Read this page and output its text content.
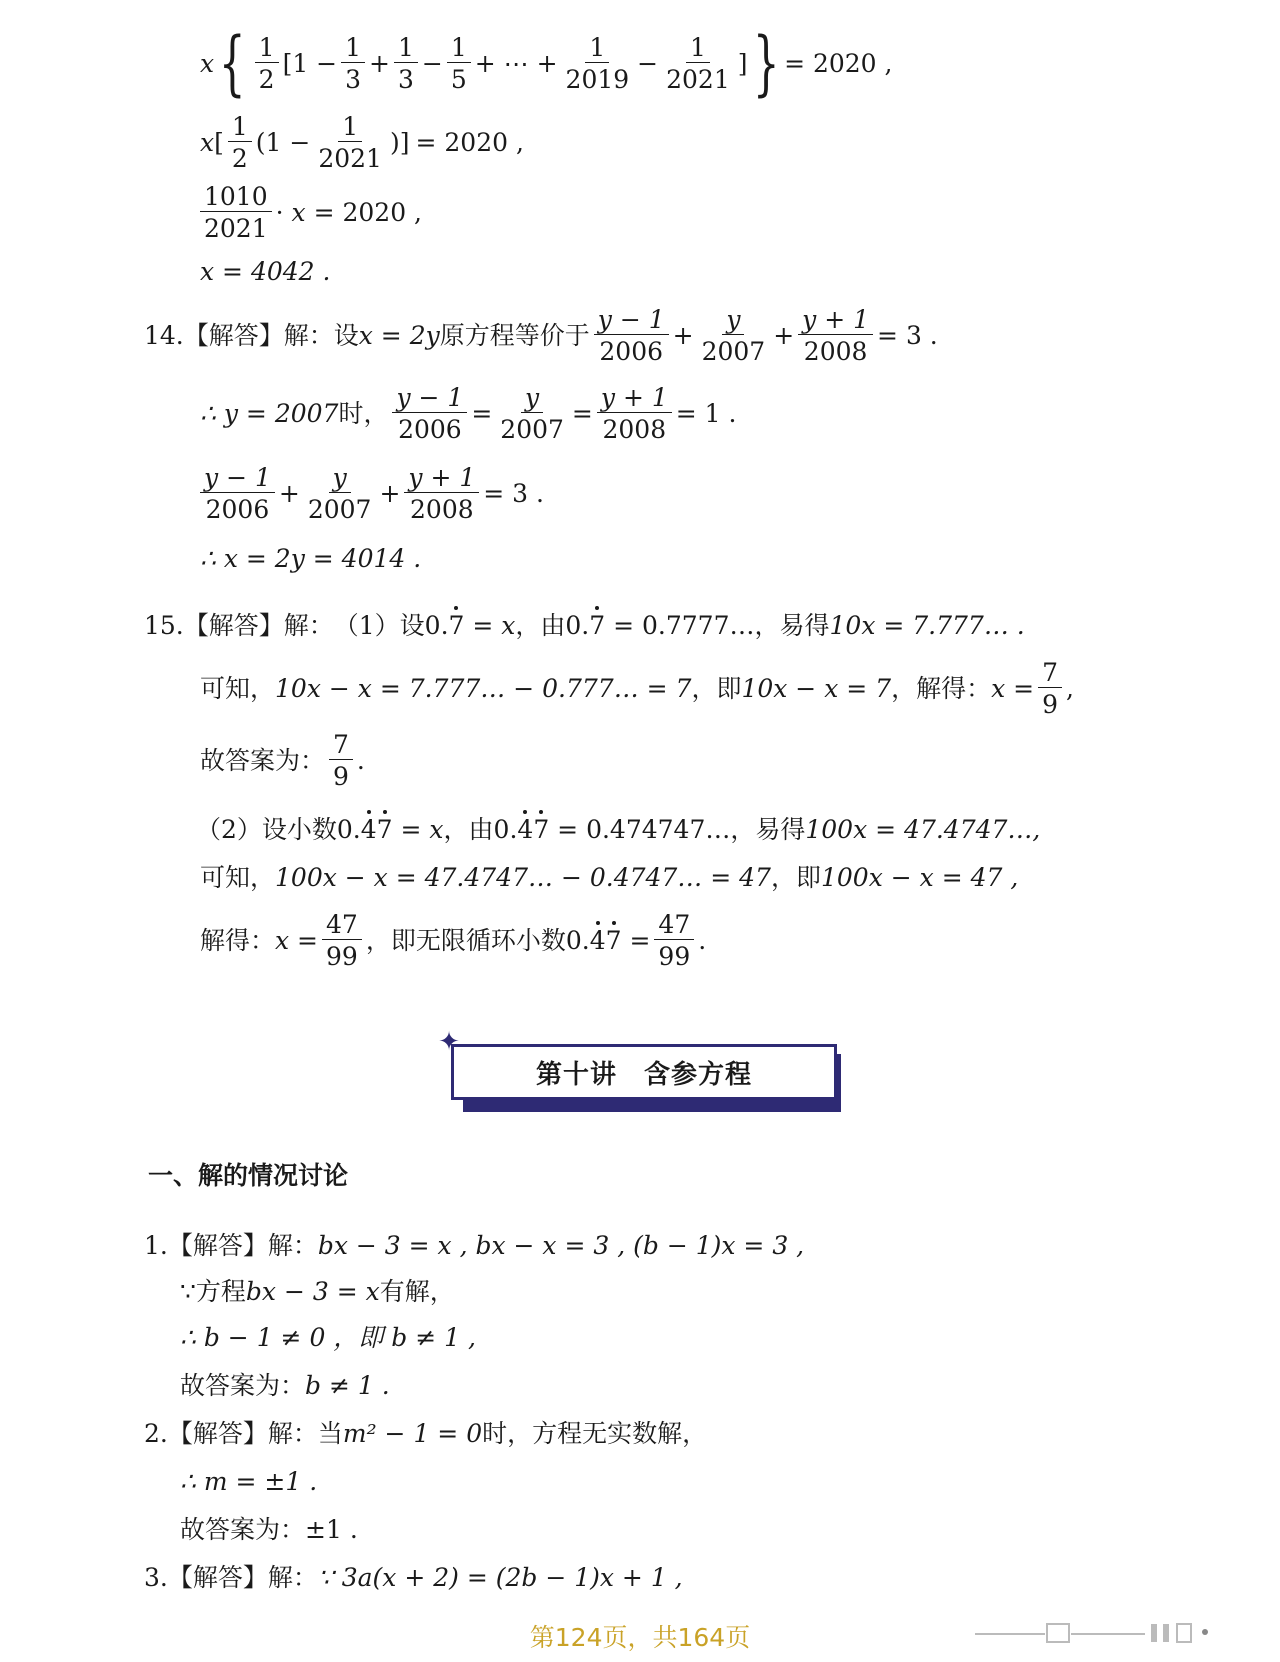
x { 1
2
[$1 - \frac{1}{3} + \frac{1}{3} - \frac{1}{5}$ + ⋯ + $\frac{1}{2019} - \frac{1}{2021}$ ] } = 2020 ,
x [
1
2
($1 - \frac{1}{2021}$ )] = 2020 ,
1010
2021
· x = 2020 ,
x = 4042 .
14.【解答】解：设 x = 2y 原方程等价于
y − 1
2006
+ $\frac{y}{2007} + \frac{y + 1}{2008} = 3$ .
∴ y = 2007 时， $\frac{y - 1}{2006} = \frac{y}{2007} = \frac{y + 1}{2008} = 1$ .
y − 1
2006
+ $\frac{y}{2007} + \frac{y + 1}{2008} = 3$ .
∴ x = 2y = 4014 .
15.【解答】解： （1）设 0.7 = x ，由 0.7 = 0.7777… ，易得 10x = 7.777… .
可知， 10x − x = 7.777… − 0.777… = 7 ，即 10x − x = 7 ，解得： $x = \frac{7}{9}$ ,
故答案为：
7
9
.
（2）设小数 0.47 = x ，由 0.47 = 0.474747… ，易得 100x = 47.4747…,
可知， 100x − x = 47.4747… − 0.4747… = 47 ，即 100x − x = 47 ,
解得： $x = \frac{47}{99}$ ，即无限循环小数 $0.47 = \frac{47}{99}$ .
第十讲　含参方程
✦
一、解的情况讨论
1.【解答】解： bx − 3 = x , bx − x = 3 , (b − 1)x = 3 ,
∵ 方程 bx − 3 = x 有解，
∴ b − 1 ≠ 0 ，即 b ≠ 1 ,
故答案为： b ≠ 1 .
2.【解答】解： 当 m² − 1 = 0 时，方程无实数解，
∴ m = ±1 .
故答案为： ±1 .
3.【解答】解： ∵ 3a(x + 2) = (2b − 1)x + 1 ,
第124页，共164页
